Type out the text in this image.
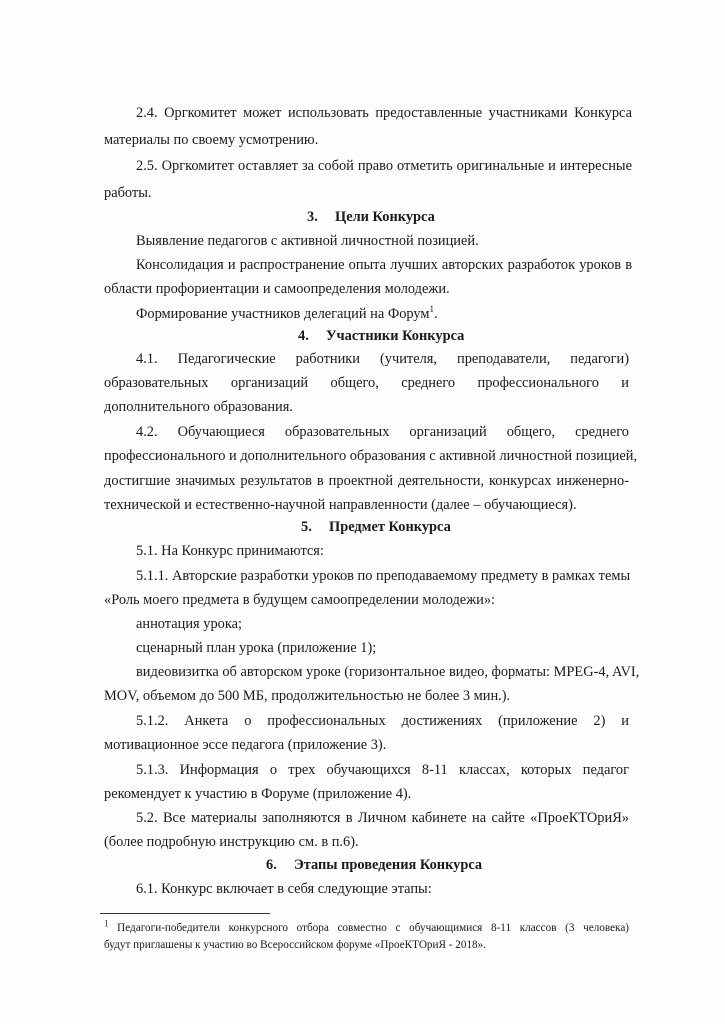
2.4. Оргкомитет может использовать предоставленные участниками Конкурса

материалы по своему усмотрению.

2.5. Оргкомитет оставляет за собой право отметить оригинальные и интересные

работы.

3. Цели Конкурса

Выявление педагогов с активной личностной позицией.

Консолидация и распространение опыта лучших авторских разработок уроков в

области профориентации и самоопределения молодежи.

Формирование участников делегаций на Форум$^1$.

4. Участники Конкурса

4.1. Педагогические работники (учителя, преподаватели, педагоги)

образовательных организаций общего, среднего профессионального и

дополнительного образования.

4.2. Обучающиеся образовательных организаций общего, среднего

профессионального и дополнительного образования с активной личностной позицией,

достигшие значимых результатов в проектной деятельности, конкурсах инженерно-

технической и естественно-научной направленности (далее – обучающиеся).

5. Предмет Конкурса

5.1. На Конкурс принимаются:

5.1.1. Авторские разработки уроков по преподаваемому предмету в рамках темы

«Роль моего предмета в будущем самоопределении молодежи»:

аннотация урока;

сценарный план урока (приложение 1);

видеовизитка об авторском уроке (горизонтальное видео, форматы: MPEG-4, AVI,

MOV, объемом до 500 МБ, продолжительностью не более 3 мин.).

5.1.2. Анкета о профессиональных достижениях (приложение 2) и

мотивационное эссе педагога (приложение 3).

5.1.3. Информация о трех обучающихся 8-11 классах, которых педагог

рекомендует к участию в Форуме (приложение 4).

5.2. Все материалы заполняются в Личном кабинете на сайте «ПроеКТОриЯ»

(более подробную инструкцию см. в п.6).

6. Этапы проведения Конкурса

6.1. Конкурс включает в себя следующие этапы:

$^1$ Педагоги-победители конкурсного отбора совместно с обучающимися 8-11 классов (3 человека)

будут приглашены к участию во Всероссийском форуме «ПроеКТОриЯ - 2018».
